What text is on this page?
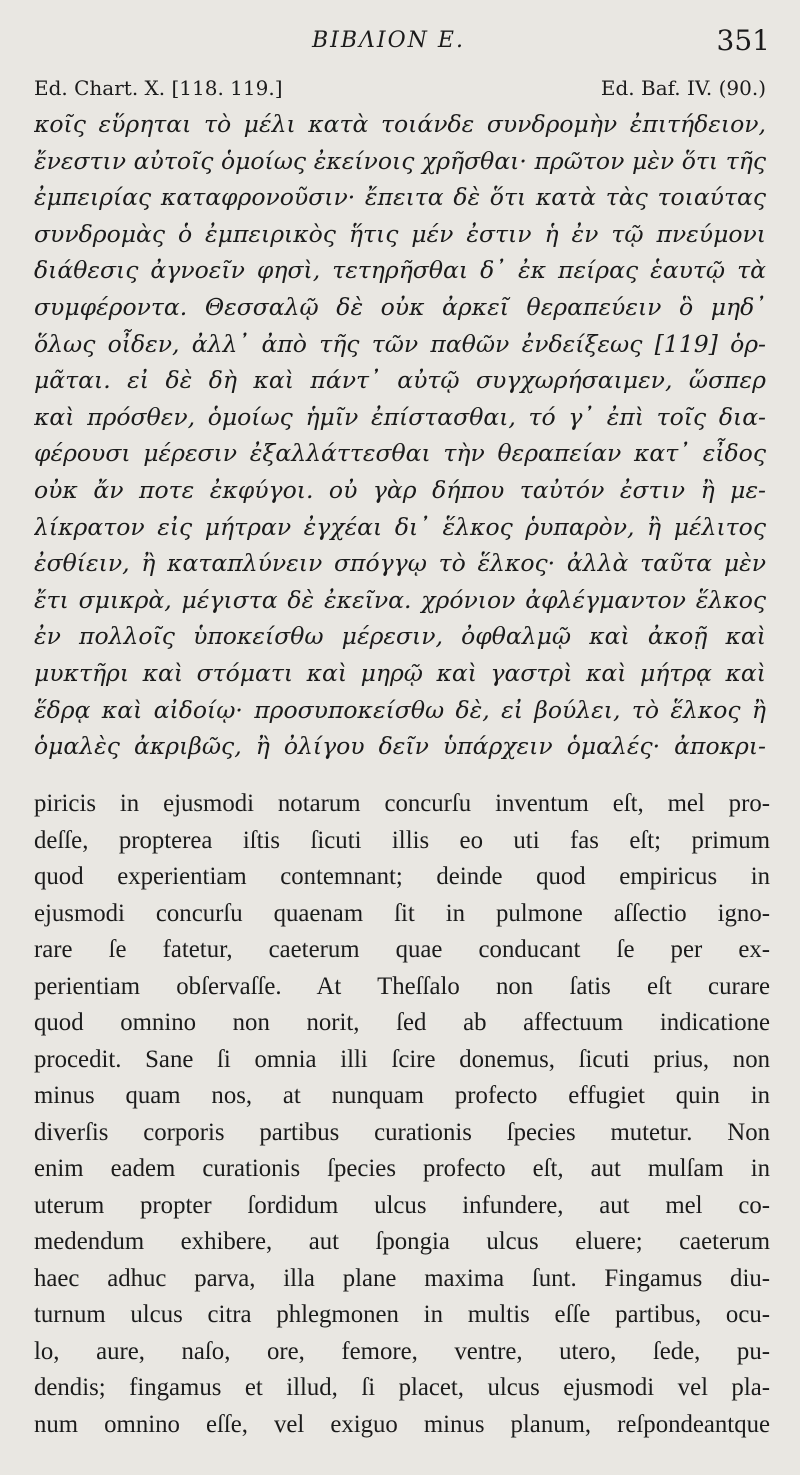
BIBΛΙΟΝ Ε.	351
Ed. Chart. X. [118. 119.]	Ed. Baf. IV. (90.)
κοῖς εὕρηται τὸ μέλι κατὰ τοιάνδε συνδρομὴν ἐπιτήδειον,
ἔνεστιν αὐτοῖς ὁμοίως ἐκείνοις χρῆσθαι· πρῶτον μὲν ὅτι τῆς
ἐμπειρίας καταφρονοῦσιν· ἔπειτα δὲ ὅτι κατὰ τὰς τοιαύτας
συνδρομὰς ὁ ἐμπειρικὸς ἥτις μέν ἐστιν ἡ ἐν τῷ πνεύμονι
διάθεσις ἀγνοεῖν φησὶ, τετηρῆσθαι δ᾽ ἐκ πείρας ἑαυτῷ τὰ
συμφέροντα. Θεσσαλῷ δὲ οὐκ ἀρκεῖ θεραπεύειν ὃ μηδ᾽
ὅλως οἶδεν, ἀλλ᾽ ἀπὸ τῆς τῶν παθῶν ἐνδείξεως [119] ὁρ-
μᾶται. εἰ δὲ δὴ καὶ πάντ᾽ αὐτῷ συγχωρήσαιμεν, ὥσπερ
καὶ πρόσθεν, ὁμοίως ἡμῖν ἐπίστασθαι, τό γ᾽ ἐπὶ τοῖς δια-
φέρουσι μέρεσιν ἐξαλλάττεσθαι τὴν θεραπείαν κατ᾽ εἶδος
οὐκ ἄν ποτε ἐκφύγοι. οὐ γὰρ δήπου ταὐτόν ἐστιν ἢ με-
λίκρατον εἰς μήτραν ἐγχέαι δι᾽ ἕλκος ῥυπαρὸν, ἢ μέλιτος
ἐσθίειν, ἢ καταπλύνειν σπόγγῳ τὸ ἕλκος· ἀλλὰ ταῦτα μὲν
ἔτι σμικρὰ, μέγιστα δὲ ἐκεῖνα. χρόνιον ἀφλέγμαντον ἕλκος
ἐν πολλοῖς ὑποκείσθω μέρεσιν, ὀφθαλμῷ καὶ ἀκοῇ καὶ
μυκτῆρι καὶ στόματι καὶ μηρῷ καὶ γαστρὶ καὶ μήτρᾳ καὶ
ἕδρᾳ καὶ αἰδοίῳ· προσυποκείσθω δὲ, εἰ βούλει, τὸ ἕλκος ἢ
ὁμαλὲς ἀκριβῶς, ἢ ὀλίγου δεῖν ὑπάρχειν ὁμαλές· ἀποκρι-
piricis in ejusmodi notarum concurſu inventum eſt, mel pro-
deſſe, propterea iſtis ſicuti illis eo uti fas eſt; primum
quod experientiam contemnant; deinde quod empiricus in
ejusmodi concurſu quaenam ſit in pulmone aſſectio igno-
rare ſe fatetur, caeterum quae conducant ſe per ex-
perientiam obſervaſſe. At Theſſalo non ſatis eſt curare
quod omnino non norit, ſed ab affectuum indicatione
procedit. Sane ſi omnia illi ſcire donemus, ſicuti prius, non
minus quam nos, at nunquam profecto effugiet quin in
diverſis corporis partibus curationis ſpecies mutetur. Non
enim eadem curationis ſpecies profecto eſt, aut mulſam in
uterum propter ſordidum ulcus infundere, aut mel co-
medendum exhibere, aut ſpongia ulcus eluere; caeterum
haec adhuc parva, illa plane maxima ſunt. Fingamus diu-
turnum ulcus citra phlegmonen in multis eſſe partibus, ocu-
lo, aure, naſo, ore, femore, ventre, utero, ſede, pu-
dendis; fingamus et illud, ſi placet, ulcus ejusmodi vel pla-
num omnino eſſe, vel exiguo minus planum, reſpondeantque
